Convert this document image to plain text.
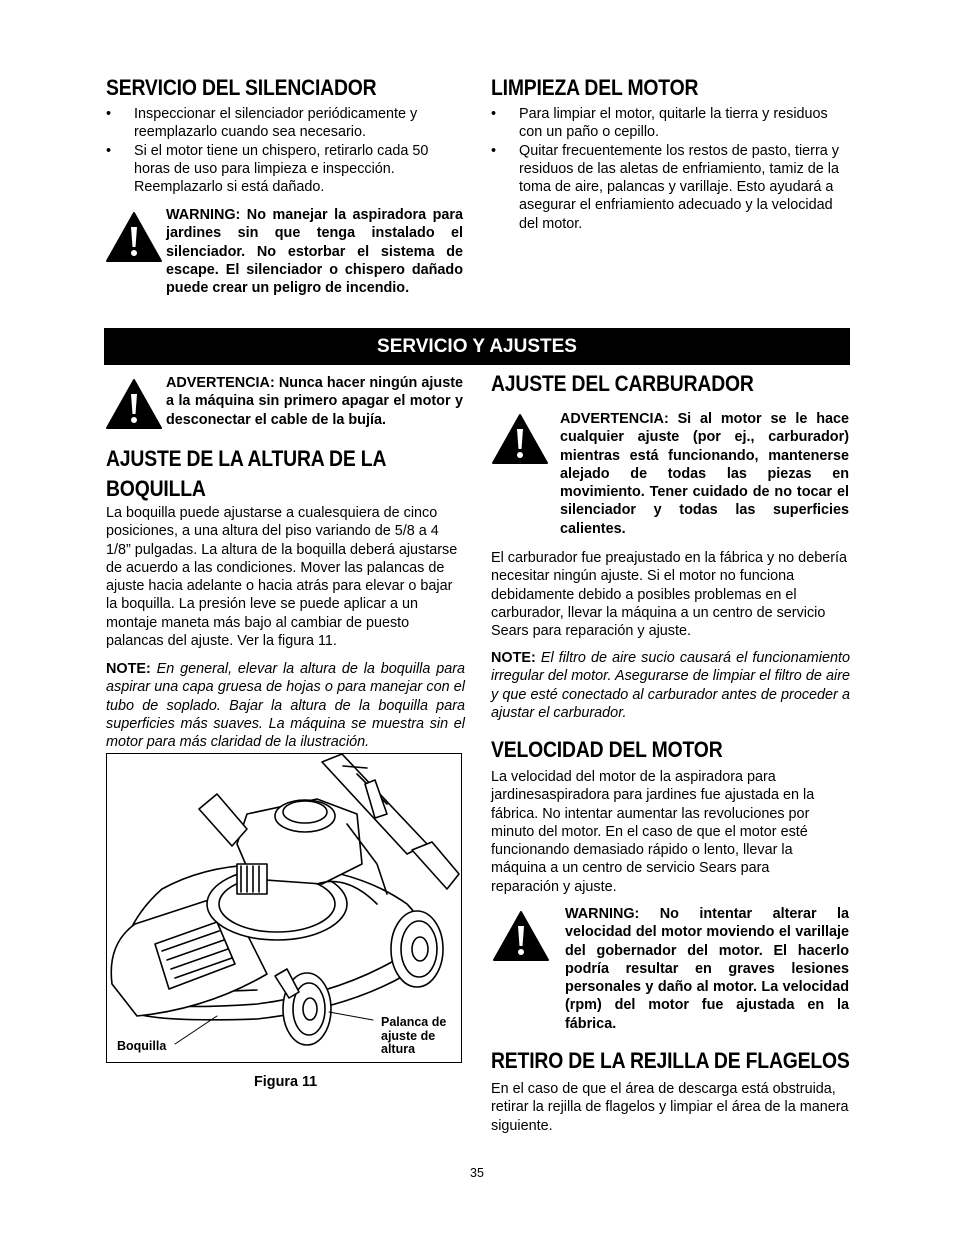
SERVICIO DEL SILENCIADOR
• Inspeccionar el silenciador periódicamente y reemplazarlo cuando sea necesario.
• Si el motor tiene un chispero, retirarlo cada 50 horas de uso para limpieza e inspección. Reemplazarlo si está dañado.
WARNING: No manejar la aspiradora para jardines sin que tenga instalado el silenciador. No estorbar el sistema de escape. El silenciador o chispero dañado puede crear un peligro de incendio.
LIMPIEZA DEL MOTOR
• Para limpiar el motor, quitarle la tierra y residuos con un paño o cepillo.
• Quitar frecuentemente los restos de pasto, tierra y residuos de las aletas de enfriamiento, tamiz de la toma de aire, palancas y varillaje. Esto ayudará a asegurar el enfriamiento adecuado y la velocidad del motor.
SERVICIO Y AJUSTES
ADVERTENCIA: Nunca hacer ningún ajuste a la máquina sin primero apagar el motor y desconectar el cable de la bujía.
AJUSTE DE LA ALTURA DE LA
BOQUILLA
La boquilla puede ajustarse a cualesquiera de cinco posiciones, a una altura del piso variando de 5/8 a 4 1/8” pulgadas. La altura de la boquilla deberá ajustarse de acuerdo a las condiciones. Mover las palancas de ajuste hacia adelante o hacia atrás para elevar o bajar la boquilla. La presión leve se puede aplicar a un montaje maneta más bajo al cambiar de puesto palancas del ajuste. Ver la figura 11.
NOTE: En general, elevar la altura de la boquilla para aspirar una capa gruesa de hojas o para manejar con el tubo de soplado. Bajar la altura de la boquilla para superficies más suaves. La máquina se muestra sin el motor para más claridad de la ilustración.
Boquilla
Palanca de
ajuste de
altura
Figura 11
AJUSTE DEL CARBURADOR
ADVERTENCIA: Si al motor se le hace cualquier ajuste (por ej., carburador) mientras está funcionando, mantenerse alejado de todas las piezas en movimiento. Tener cuidado de no tocar el silenciador y todas las superficies calientes.
El carburador fue preajustado en la fábrica y no debería necesitar ningún ajuste. Si el motor no funciona debidamente debido a posibles problemas en el carburador, llevar la máquina a un centro de servicio Sears para reparación y ajuste.
NOTE: El filtro de aire sucio causará el funcionamiento irregular del motor. Asegurarse de limpiar el filtro de aire y que esté conectado al carburador antes de proceder a ajustar el carburador.
VELOCIDAD DEL MOTOR
La velocidad del motor de la aspiradora para jardinesaspiradora para jardines fue ajustada en la fábrica. No intentar aumentar las revoluciones por minuto del motor. En el caso de que el motor esté funcionando demasiado rápido o lento, llevar la máquina a un centro de servicio Sears para reparación y ajuste.
WARNING: No intentar alterar la velocidad del motor moviendo el varillaje del gobernador del motor. El hacerlo podría resultar en graves lesiones personales y daño al motor. La velocidad (rpm) del motor fue ajustada en la fábrica.
RETIRO DE LA REJILLA DE FLAGELOS
En el caso de que el área de descarga está obstruida, retirar la rejilla de flagelos y limpiar el área de la manera siguiente.
35
